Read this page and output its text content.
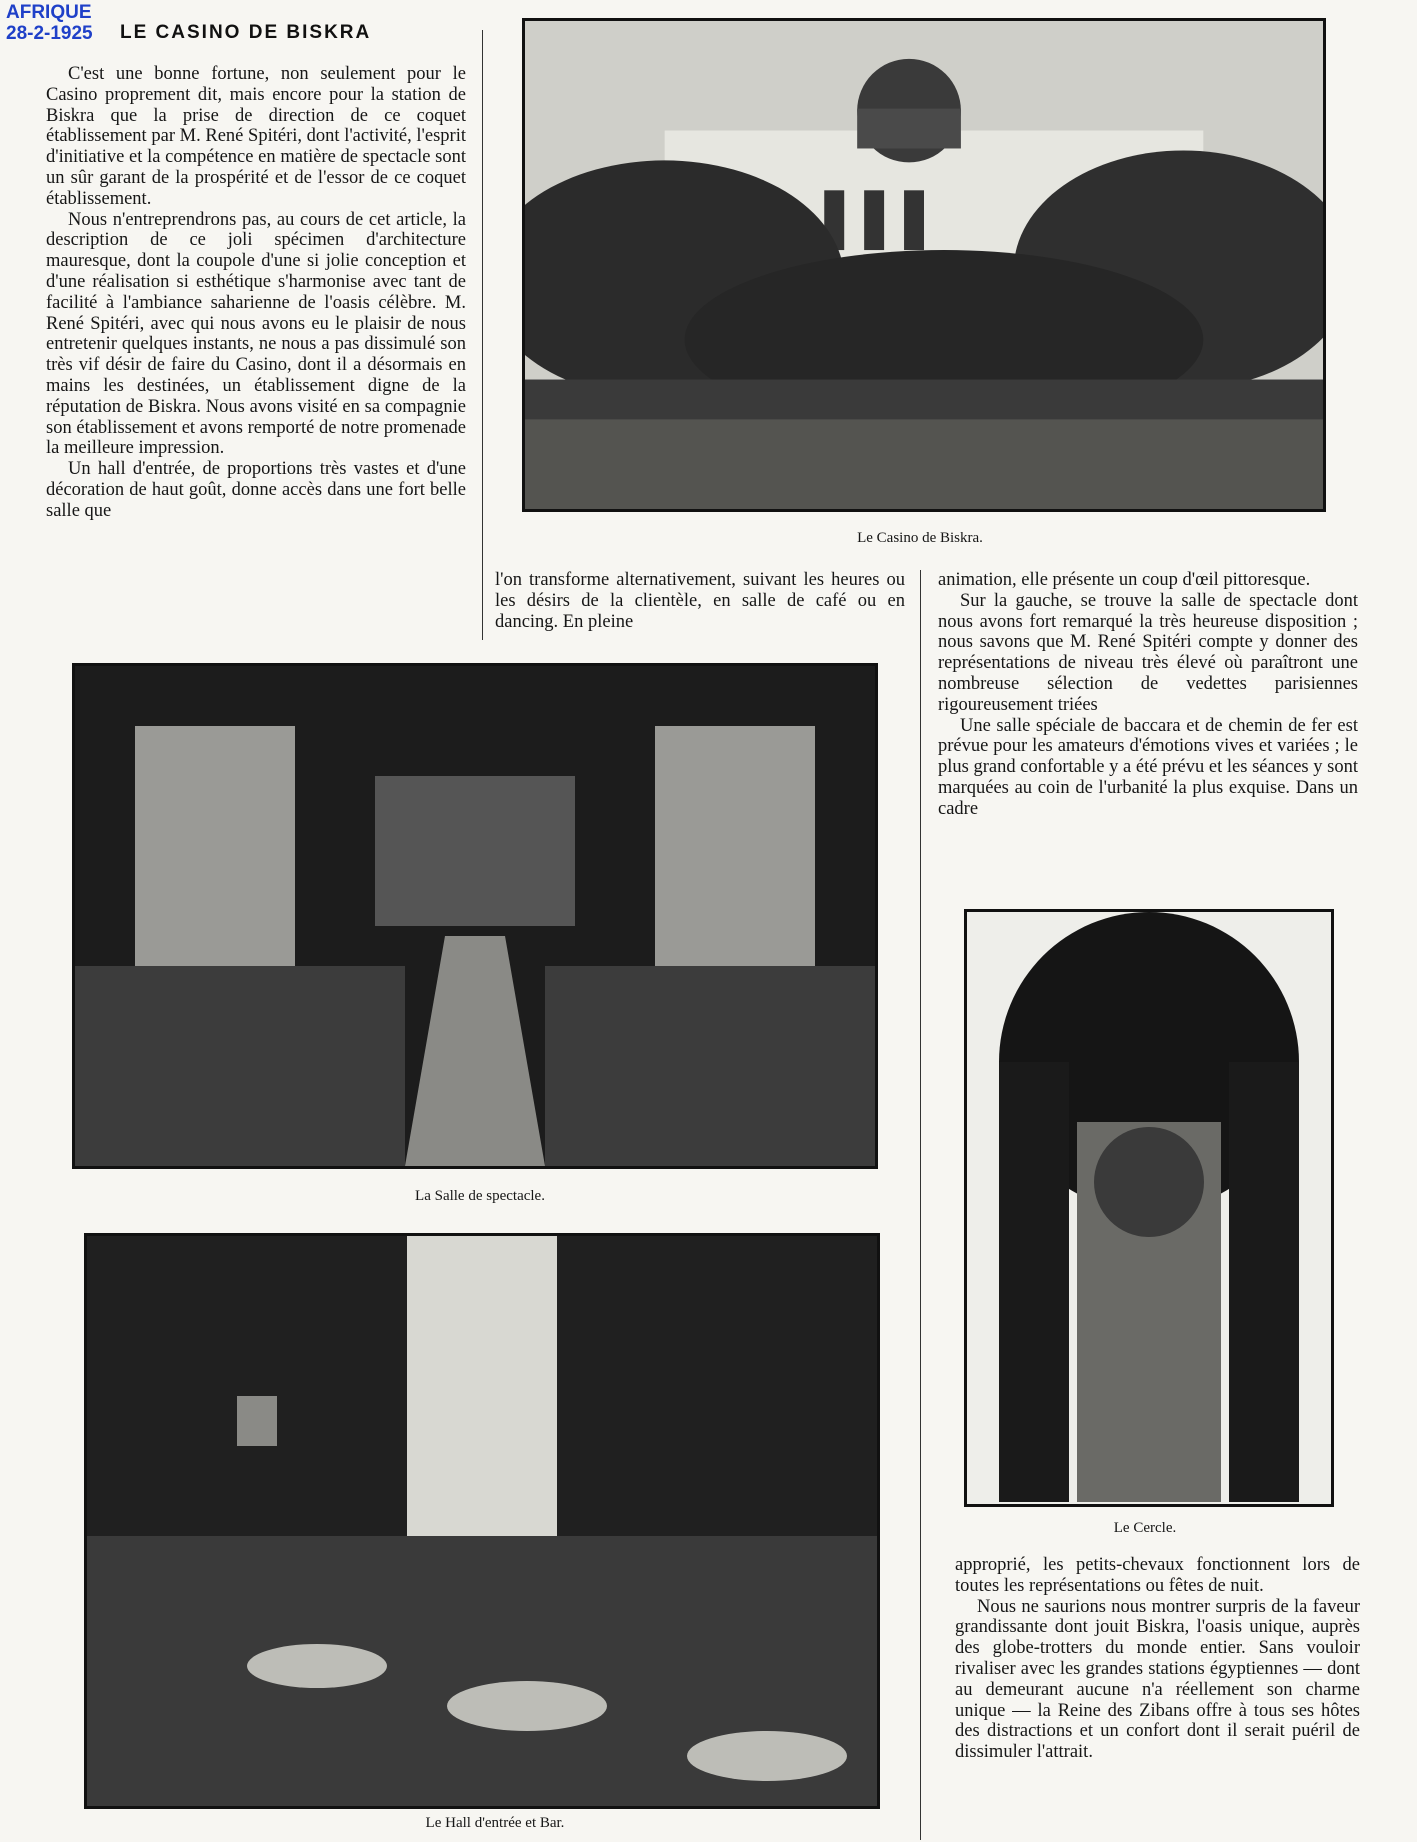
AFRIQUE
28-2-1925 LE CASINO DE BISKRA

C'est une bonne fortune, non seulement pour le Casino proprement dit, mais encore pour la station de Biskra que la prise de direction de ce coquet établissement par M. René Spitéri, dont l'activité, l'esprit d'initiative et la compétence en matière de spectacle sont un sûr garant de la prospérité et de l'essor de ce coquet établissement.

Nous n'entreprendrons pas, au cours de cet article, la description de ce joli spécimen d'architecture mauresque, dont la coupole d'une si jolie conception et d'une réalisation si esthétique s'harmonise avec tant de facilité à l'ambiance saharienne de l'oasis célèbre. M. René Spitéri, avec qui nous avons eu le plaisir de nous entretenir quelques instants, ne nous a pas dissimulé son très vif désir de faire du Casino, dont il a désormais en mains les destinées, un établissement digne de la réputation de Biskra. Nous avons visité en sa compagnie son établissement et avons remporté de notre promenade la meilleure impression.

Un hall d'entrée, de proportions très vastes et d'une décoration de haut goût, donne accès dans une fort belle salle que

Le Casino de Biskra.

l'on transforme alternativement, suivant les heures ou les désirs de la clientèle, en salle de café ou en dancing. En pleine

animation, elle présente un coup d'œil pittoresque.

Sur la gauche, se trouve la salle de spectacle dont nous avons fort remarqué la très heureuse disposition ; nous savons que M. René Spitéri compte y donner des représentations de niveau très élevé où paraîtront une nombreuse sélection de vedettes parisiennes rigoureusement triées

Une salle spéciale de baccara et de chemin de fer est prévue pour les amateurs d'émotions vives et variées ; le plus grand confortable y a été prévu et les séances y sont marquées au coin de l'urbanité la plus exquise. Dans un cadre

La Salle de spectacle.
Le Cercle.
Le Hall d'entrée et Bar.

approprié, les petits-chevaux fonctionnent lors de toutes les représentations ou fêtes de nuit.

Nous ne saurions nous montrer surpris de la faveur grandissante dont jouit Biskra, l'oasis unique, auprès des globe-trotters du monde entier. Sans vouloir rivaliser avec les grandes stations égyptiennes — dont au demeurant aucune n'a réellement son charme unique — la Reine des Zibans offre à tous ses hôtes des distractions et un confort dont il serait puéril de dissimuler l'attrait.
